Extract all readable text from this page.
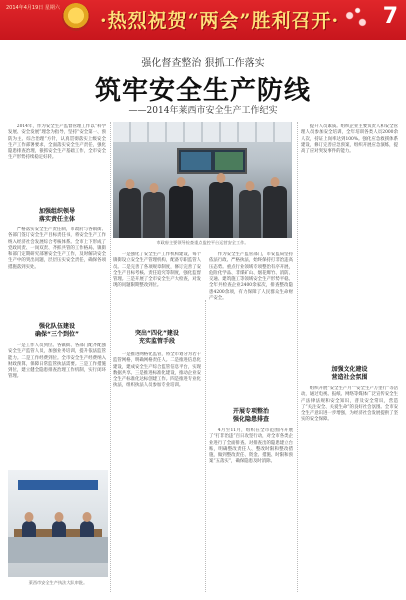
2014年4月19日 星期六
·热烈祝贺“两会”胜利召开· 7
强化督查整治 狠抓工作落实
筑牢安全生产防线
——2014年莱西市安全生产工作纪实

2014年，作为安全生产监督管理工作以“科学发展、安全发展”理念为指导，坚持“安全第一、预防为主、综合治理”方针，认真贯彻落实上级安全生产工作部署要求，全面落实安全生产责任，强化隐患排查治理，狠抓安全生产基础工作，全市安全生产形势持续稳定好转。

加强组织领导
落实责任主体

严格落实安全生产责任制，市政府与各镇街、各部门签订安全生产目标责任书，将安全生产工作纳入经济社会发展综合考核体系。全市上下形成了党政同责、一岗双责、齐抓共管的工作格局。镇街和部门定期研究部署安全生产工作，及时解决安全生产中的突出问题，层层压实安全责任，确保各项措施落到实处。

强化队伍建设
确保“三个到位”

一是工作人员到位。各镇街、各部门配齐配强安全生产监管人员，加强业务培训，提升依法监管能力。二是工作经费到位。全市安全生产经费纳入财政预算，保障日常监管执法需要。三是工作措施到位，建立健全隐患排查治理工作机制，实行闭环管理。

市政府主要领导检查重点监控平台运营安全工作。

一是强化了安全生产工作机构建设，每个镇街设立安全生产管理机构，配备专职监管人员。二是完善了各项规章制度，修订完善了安全生产目标考核、责任追究等制度，强化监督管理。三是开展了全市安全生产大检查，对发现的问题限期整改到位。

突出“四化”建设
充实监管手段

一是推进网格化监管，将全市划分为若干监管网格，明确网格责任人。二是推进信息化建设，建成安全生产综合监管信息平台，实现数据共享。三是推进标准化建设，推动企业安全生产标准化达标创建工作。四是推进专业化执法，组织执法人员参加专业培训。

作为安全生产监管部门，市安监局坚持依法行政、严格执法，始终保持打非治违高压态势。重点行业领域专项整治有序开展，危险化学品、非煤矿山、烟花爆竹、消防、交通、建筑施工等领域安全生产形势平稳。全年共检查企业2400余家次，排查整改隐患4200余项，有力保障了人民群众生命财产安全。

开展专项整治
强化隐患排查

4月至11月，组织在全市范围内开展了“打非治违”百日攻坚行动，对全市各类企业进行了全面排查。对排查出的隐患建立台账，明确整改责任人、整改时限和整改措施，做到整改责任、资金、措施、时限和预案“五落实”，确保隐患及时消除。

提升人员素质。组织企业主要负责人和安全管理人员参加安全培训，全年培训各类人员2000余人次，持证上岗率达到100%。强化应急救援体系建设，修订完善应急预案，组织开展应急演练，提高了应对突发事件的能力。

加强文化建设
营造社会氛围

组织开展“安全生产月”“安全生产万里行”等活动，通过电视、报纸、网络等媒体广泛宣传安全生产法律法规和安全知识，普及安全常识，营造了“关注安全、关爱生命”的良好社会氛围。全市安全生产意识进一步增强，为经济社会发展提供了坚实的安全保障。

莱西市安全生产执法大队审批。
